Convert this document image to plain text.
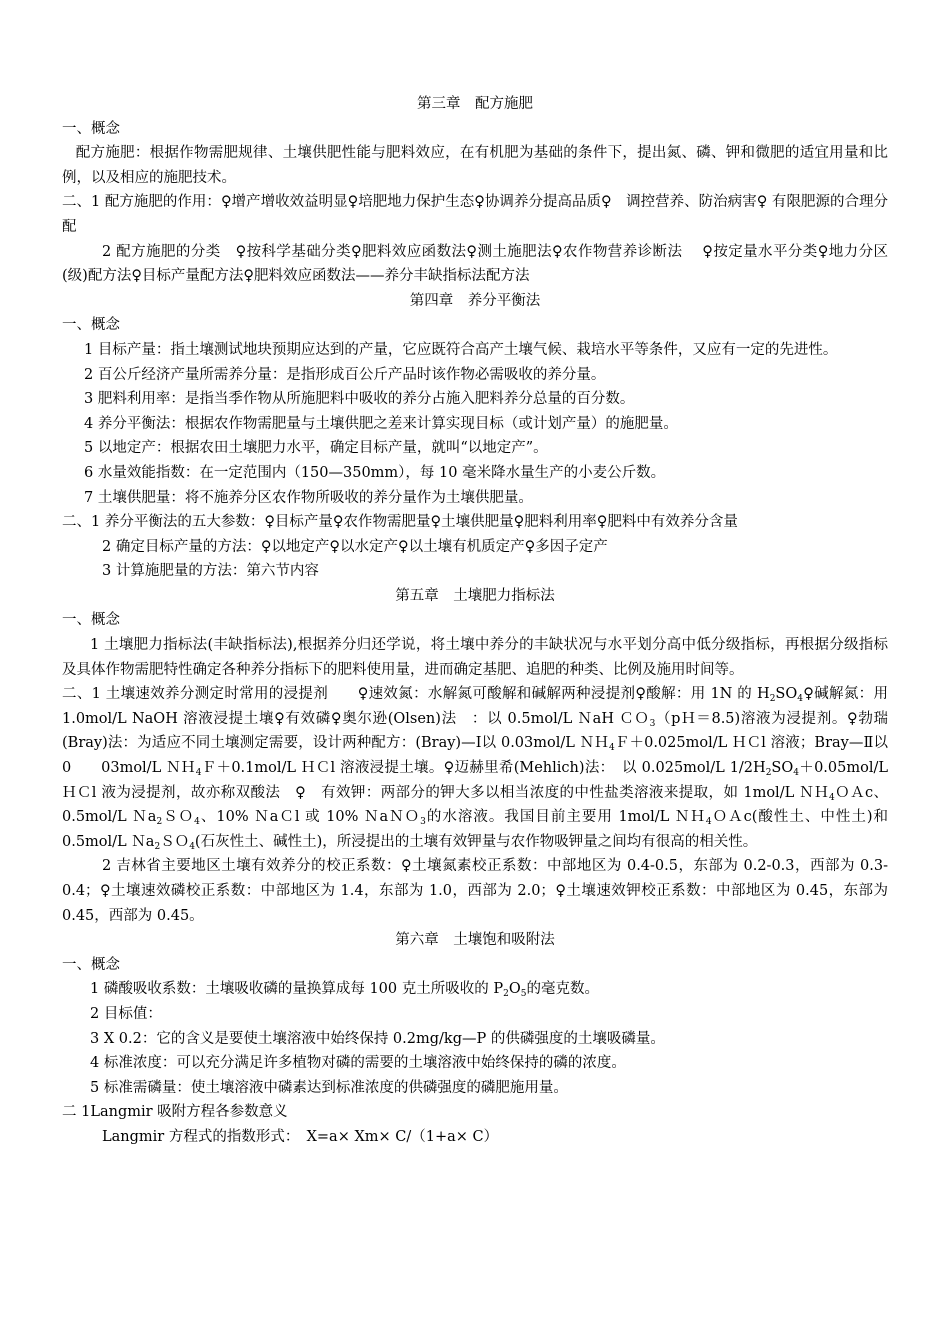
第三章　配方施肥
一、概念
　配方施肥：根据作物需肥规律、土壤供肥性能与肥料效应，在有机肥为基础的条件下，提出氮、磷、钾和微肥的适宜用量和比例，以及相应的施肥技术。
二、1 配方施肥的作用：♀增产增收效益明显♀培肥地力保护生态♀协调养分提高品质♀　调控营养、防治病害♀ 有限肥源的合理分配
2 配方施肥的分类　♀按科学基础分类♀肥料效应函数法♀测土施肥法♀农作物营养诊断法　 ♀按定量水平分类♀地力分区(级)配方法♀目标产量配方法♀肥料效应函数法——养分丰缺指标法配方法
第四章　养分平衡法
一、概念
1 目标产量：指土壤测试地块预期应达到的产量，它应既符合高产土壤气候、栽培水平等条件，又应有一定的先进性。
2 百公斤经济产量所需养分量：是指形成百公斤产品时该作物必需吸收的养分量。
3 肥料利用率：是指当季作物从所施肥料中吸收的养分占施入肥料养分总量的百分数。
4 养分平衡法：根据农作物需肥量与土壤供肥之差来计算实现目标（或计划产量）的施肥量。
5 以地定产：根据农田土壤肥力水平，确定目标产量，就叫“以地定产”。
6 水量效能指数：在一定范围内（150—350mm），每 10 毫米降水量生产的小麦公斤数。
7 土壤供肥量：将不施养分区农作物所吸收的养分量作为土壤供肥量。
二、1 养分平衡法的五大参数：♀目标产量♀农作物需肥量♀土壤供肥量♀肥料利用率♀肥料中有效养分含量
2 确定目标产量的方法：♀以地定产♀以水定产♀以土壤有机质定产♀多因子定产
3 计算施肥量的方法：第六节内容
第五章　土壤肥力指标法
一、概念
1 土壤肥力指标法(丰缺指标法),根据养分归还学说，将土壤中养分的丰缺状况与水平划分高中低分级指标，再根据分级指标及具体作物需肥特性确定各种养分指标下的肥料使用量，进而确定基肥、追肥的种类、比例及施用时间等。
二、1 土壤速效养分测定时常用的浸提剂　　♀速效氮：水解氮可酸解和碱解两种浸提剂♀酸解：用 1N 的 $H_2SO_4♀$碱解氮：用 1.0mol/L NaOH 溶液浸提土壤♀有效磷♀奥尔逊(Olsen)法　：以 0.5mol/L ＮaH ＣＯ$_3$（pＨ＝8.5)溶液为浸提剂。♀勃瑞(Bray)法：为适应不同土壤测定需要，设计两种配方：(Bray)—Ⅰ以 0.03mol/L ＮＨ$_4$Ｆ＋0.025mol/L ＨＣl 溶液；Bray—Ⅱ以 0　　03mol/L ＮＨ$_4$Ｆ＋0.1mol/L ＨＣl 溶液浸提土壤。♀迈赫里希(Mehlich)法：　以 0.025mol/L $1/2H_2SO_4+0.05mol/L$ ＨＣl 液为浸提剂，故亦称双酸法　♀　有效钾：两部分的钾大多以相当浓度的中性盐类溶液来提取，如 1mol/L ＮＨ$_4$ＯＡc、0.5mol/L Ｎa$_2$ＳＯ$_4$、10% ＮaＣl 或 10% ＮaＮＯ$_3$的水溶液。我国目前主要用 1mol/L ＮＨ$_4$ＯＡc(酸性土、中性土)和 0.5mol/L Ｎa$_2$ＳＯ$_4$(石灰性土、碱性土)，所浸提出的土壤有效钾量与农作物吸钾量之间均有很高的相关性。
2 吉林省主要地区土壤有效养分的校正系数：♀土壤氮素校正系数：中部地区为 0.4-0.5，东部为 0.2-0.3，西部为 0.3-0.4；♀土壤速效磷校正系数：中部地区为 1.4，东部为 1.0，西部为 2.0；♀土壤速效钾校正系数：中部地区为 0.45，东部为 0.45，西部为 0.45。
第六章　土壤饱和吸附法
一、概念
1 磷酸吸收系数：土壤吸收磷的量换算成每 100 克土所吸收的 $P_2O_5$的毫克数。
2 目标值：
3 X 0.2：它的含义是要使土壤溶液中始终保持 0.2mg/kg—P 的供磷强度的土壤吸磷量。
4 标准浓度：可以充分满足许多植物对磷的需要的土壤溶液中始终保持的磷的浓度。
5 标准需磷量：使土壤溶液中磷素达到标准浓度的供磷强度的磷肥施用量。
二 1Langmir 吸附方程各参数意义
Langmir 方程式的指数形式：　X=a× Xm× C/（1+a× C）
